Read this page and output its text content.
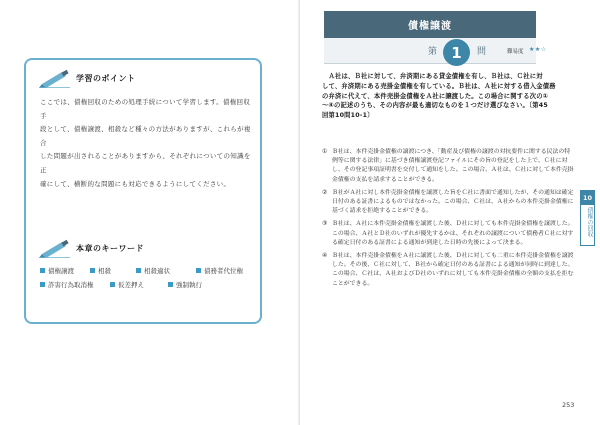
学習のポイント
ここでは、債権回収のための処理手続について学習します。債権回収手
段として、債権譲渡、相殺など種々の方法がありますが、これらが複合
した問題が出されることがありますから、それぞれについての知識を正
確にして、横断的な問題にも対応できるようにしてください。
本章のキーワード
債権譲渡	相殺	相殺適状	債務者代位権
詐害行為取消権	仮差押え	強制執行
債権譲渡
第 1	問	難易度 ★★☆
　Ａ社は、Ｂ社に対して、弁済期にある貸金債権を有し、Ｂ社は、Ｃ社に対
して、弁済期にある売掛金債権を有している。Ｂ社は、Ａ社に対する借入金債務
の弁済に代えて、本件売掛金債権をＡ社に譲渡した。この場合に関する次の①
～④の記述のうち、その内容が最も適切なものを１つだけ選びなさい。〔第45
回第10問10-1〕
① Ｂ社は、本件売掛金債権の譲渡につき、「動産及び債権の譲渡の対抗要件に関する民法の特例等に関する法律」に基づき債権譲渡登記ファイルにその旨の登記をした上で、Ｃ社に対し、その登記事項証明書を交付して通知をした。この場合、Ａ社は、Ｃ社に対して本件売掛金債権の支払を請求することができる。
② Ｂ社がＡ社に対し本件売掛金債権を譲渡した旨をＣ社に書面で通知したが、その通知は確定日付のある証書によるものではなかった。この場合、Ｃ社は、Ａ社からの本件売掛金債権に基づく請求を拒絶することができる。
③ Ｂ社は、Ａ社に本件売掛金債権を譲渡した後、Ｄ社に対しても本件売掛金債権を譲渡した。この場合、Ａ社とＤ社のいずれが優先するかは、それぞれの譲渡について債務者Ｃ社に対する確定日付のある証書による通知が到達した日時の先後によって決まる。
④ Ｂ社は、本件売掛金債権をＡ社に譲渡した後、Ｄ社に対しても二重に本件売掛金債権を譲渡した。その後、Ｃ社に対して、Ｂ社から確定日付のある証書による通知が同時に到達した。この場合、Ｃ社は、Ａ社およびＤ社のいずれに対しても本件売掛金債権の全額の支払を拒むことができる。
10
債権の回収
253
